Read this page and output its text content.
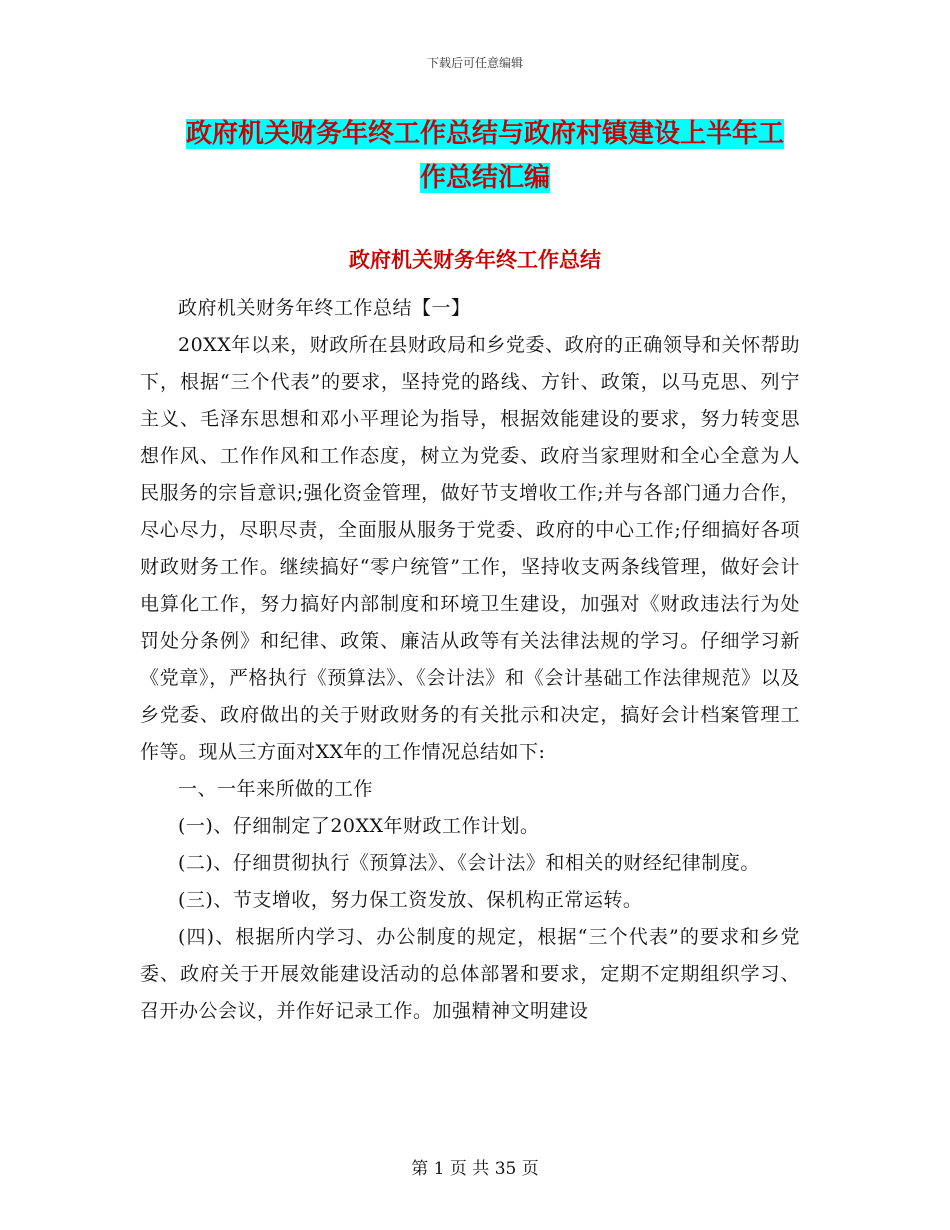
下载后可任意编辑
政府机关财务年终工作总结与政府村镇建设上半年工
作总结汇编
政府机关财务年终工作总结

政府机关财务年终工作总结【一】

20XX年以来，财政所在县财政局和乡党委、政府的正确领导和关怀帮助下，根据“三个代表”的要求，坚持党的路线、方针、政策，以马克思、列宁主义、毛泽东思想和邓小平理论为指导，根据效能建设的要求，努力转变思想作风、工作作风和工作态度，树立为党委、政府当家理财和全心全意为人民服务的宗旨意识;强化资金管理，做好节支增收工作;并与各部门通力合作，尽心尽力，尽职尽责，全面服从服务于党委、政府的中心工作;仔细搞好各项财政财务工作。继续搞好“零户统管”工作，坚持收支两条线管理，做好会计电算化工作，努力搞好内部制度和环境卫生建设，加强对《财政违法行为处罚处分条例》和纪律、政策、廉洁从政等有关法律法规的学习。仔细学习新《党章》，严格执行《预算法》、《会计法》和《会计基础工作法律规范》以及乡党委、政府做出的关于财政财务的有关批示和决定，搞好会计档案管理工作等。现从三方面对XX年的工作情况总结如下:

一、一年来所做的工作

(一)、仔细制定了20XX年财政工作计划。

(二)、仔细贯彻执行《预算法》、《会计法》和相关的财经纪律制度。

(三)、节支增收，努力保工资发放、保机构正常运转。

(四)、根据所内学习、办公制度的规定，根据“三个代表”的要求和乡党委、政府关于开展效能建设活动的总体部署和要求，定期不定期组织学习、召开办公会议，并作好记录工作。加强精神文明建设

第 1 页 共 35 页
